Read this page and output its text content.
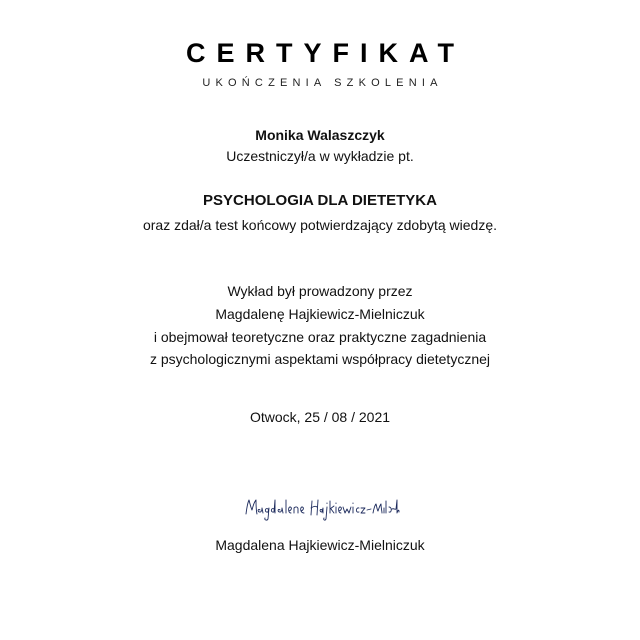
CERTYFIKAT
UKOŃCZENIA SZKOLENIA
Monika Walaszczyk
Uczestniczył/a w wykładzie pt.
PSYCHOLOGIA DLA DIETETYKA
oraz zdał/a test końcowy potwierdzający zdobytą wiedzę.
Wykład był prowadzony przez
Magdalenę Hajkiewicz-Mielniczuk
i obejmował teoretyczne oraz praktyczne zagadnienia
z psychologicznymi aspektami współpracy dietetycznej
Otwock, 25 / 08 / 2021
Magdalena Hajkiewicz-Mielniczuk
